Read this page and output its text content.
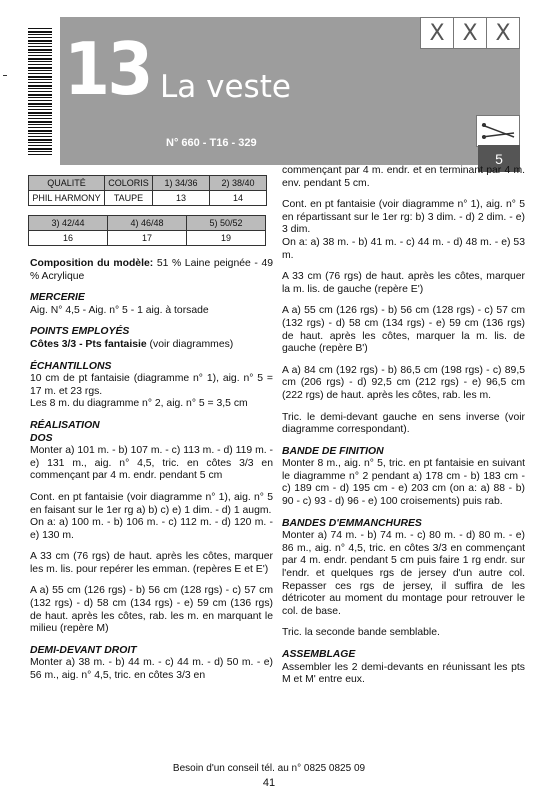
13 La veste
N° 660 - T16 - 329
X X X
5
QUALITÉ	COLORIS	1) 34/36	2) 38/40
PHIL HARMONY	TAUPE	13	14
3) 42/44	4) 46/48	5) 50/52
16	17	19

Composition du modèle: 51 % Laine peignée - 49 % Acrylique

MERCERIE

Aig. N° 4,5 - Aig. n° 5 - 1 aig. à torsade

POINTS EMPLOYÉS

Côtes 3/3 - Pts fantaisie (voir diagrammes)

ÉCHANTILLONS
10 cm de pt fantaisie (diagramme n° 1), aig. n° 5 = 17 m. et 23 rgs.

Les 8 m. du diagramme n° 2, aig. n° 5 = 3,5 cm

RÉALISATION
DOS

Monter a) 101 m. - b) 107 m. - c) 113 m. - d) 119 m. - e) 131 m., aig. n° 4,5, tric. en côtes 3/3 en commençant par 4 m. endr. pendant 5 cm

Cont. en pt fantaisie (voir diagramme n° 1), aig. n° 5 en faisant sur le 1er rg a) b) c) e) 1 dim. - d) 1 augm.

On a: a) 100 m. - b) 106 m. - c) 112 m. - d) 120 m. - e) 130 m.

A 33 cm (76 rgs) de haut. après les côtes, marquer les m. lis. pour repérer les emman. (repères E et E')

A a) 55 cm (126 rgs) - b) 56 cm (128 rgs) - c) 57 cm (132 rgs) - d) 58 cm (134 rgs) - e) 59 cm (136 rgs) de haut. après les côtes, rab. les m. en marquant le milieu (repère M)

DEMI-DEVANT DROIT

Monter a) 38 m. - b) 44 m. - c) 44 m. - d) 50 m. - e) 56 m., aig. n° 4,5, tric. en côtes 3/3 en

commençant par 4 m. endr. et en terminant par 4 m. env. pendant 5 cm.

Cont. en pt fantaisie (voir diagramme n° 1), aig. n° 5 en répartissant sur le 1er rg: b) 3 dim. - d) 2 dim. - e) 3 dim.

On a: a) 38 m. - b) 41 m. - c) 44 m. - d) 48 m. - e) 53 m.

A 33 cm (76 rgs) de haut. après les côtes, marquer la m. lis. de gauche (repère E')

A a) 55 cm (126 rgs) - b) 56 cm (128 rgs) - c) 57 cm (132 rgs) - d) 58 cm (134 rgs) - e) 59 cm (136 rgs) de haut. après les côtes, marquer la m. lis. de gauche (repère B')

A a) 84 cm (192 rgs) - b) 86,5 cm (198 rgs) - c) 89,5 cm (206 rgs) - d) 92,5 cm (212 rgs) - e) 96,5 cm (222 rgs) de haut. après les côtes, rab. les m.

Tric. le demi-devant gauche en sens inverse (voir diagramme correspondant).

BANDE DE FINITION

Monter 8 m., aig. n° 5, tric. en pt fantaisie en suivant le diagramme n° 2 pendant a) 178 cm - b) 183 cm - c) 189 cm - d) 195 cm - e) 203 cm (on a: a) 88 - b) 90 - c) 93 - d) 96 - e) 100 croisements) puis rab.

BANDES D'EMMANCHURES

Monter a) 74 m. - b) 74 m. - c) 80 m. - d) 80 m. - e) 86 m., aig. n° 4,5, tric. en côtes 3/3 en commençant par 4 m. endr. pendant 5 cm puis faire 1 rg endr. sur l'endr. et quelques rgs de jersey d'un autre col. Repasser ces rgs de jersey, il suffira de les détricoter au moment du montage pour retrouver le col. de base.

Tric. la seconde bande semblable.

ASSEMBLAGE

Assembler les 2 demi-devants en réunissant les pts M et M' entre eux.

Besoin d'un conseil tél. au n° 0825 0825 09
41
